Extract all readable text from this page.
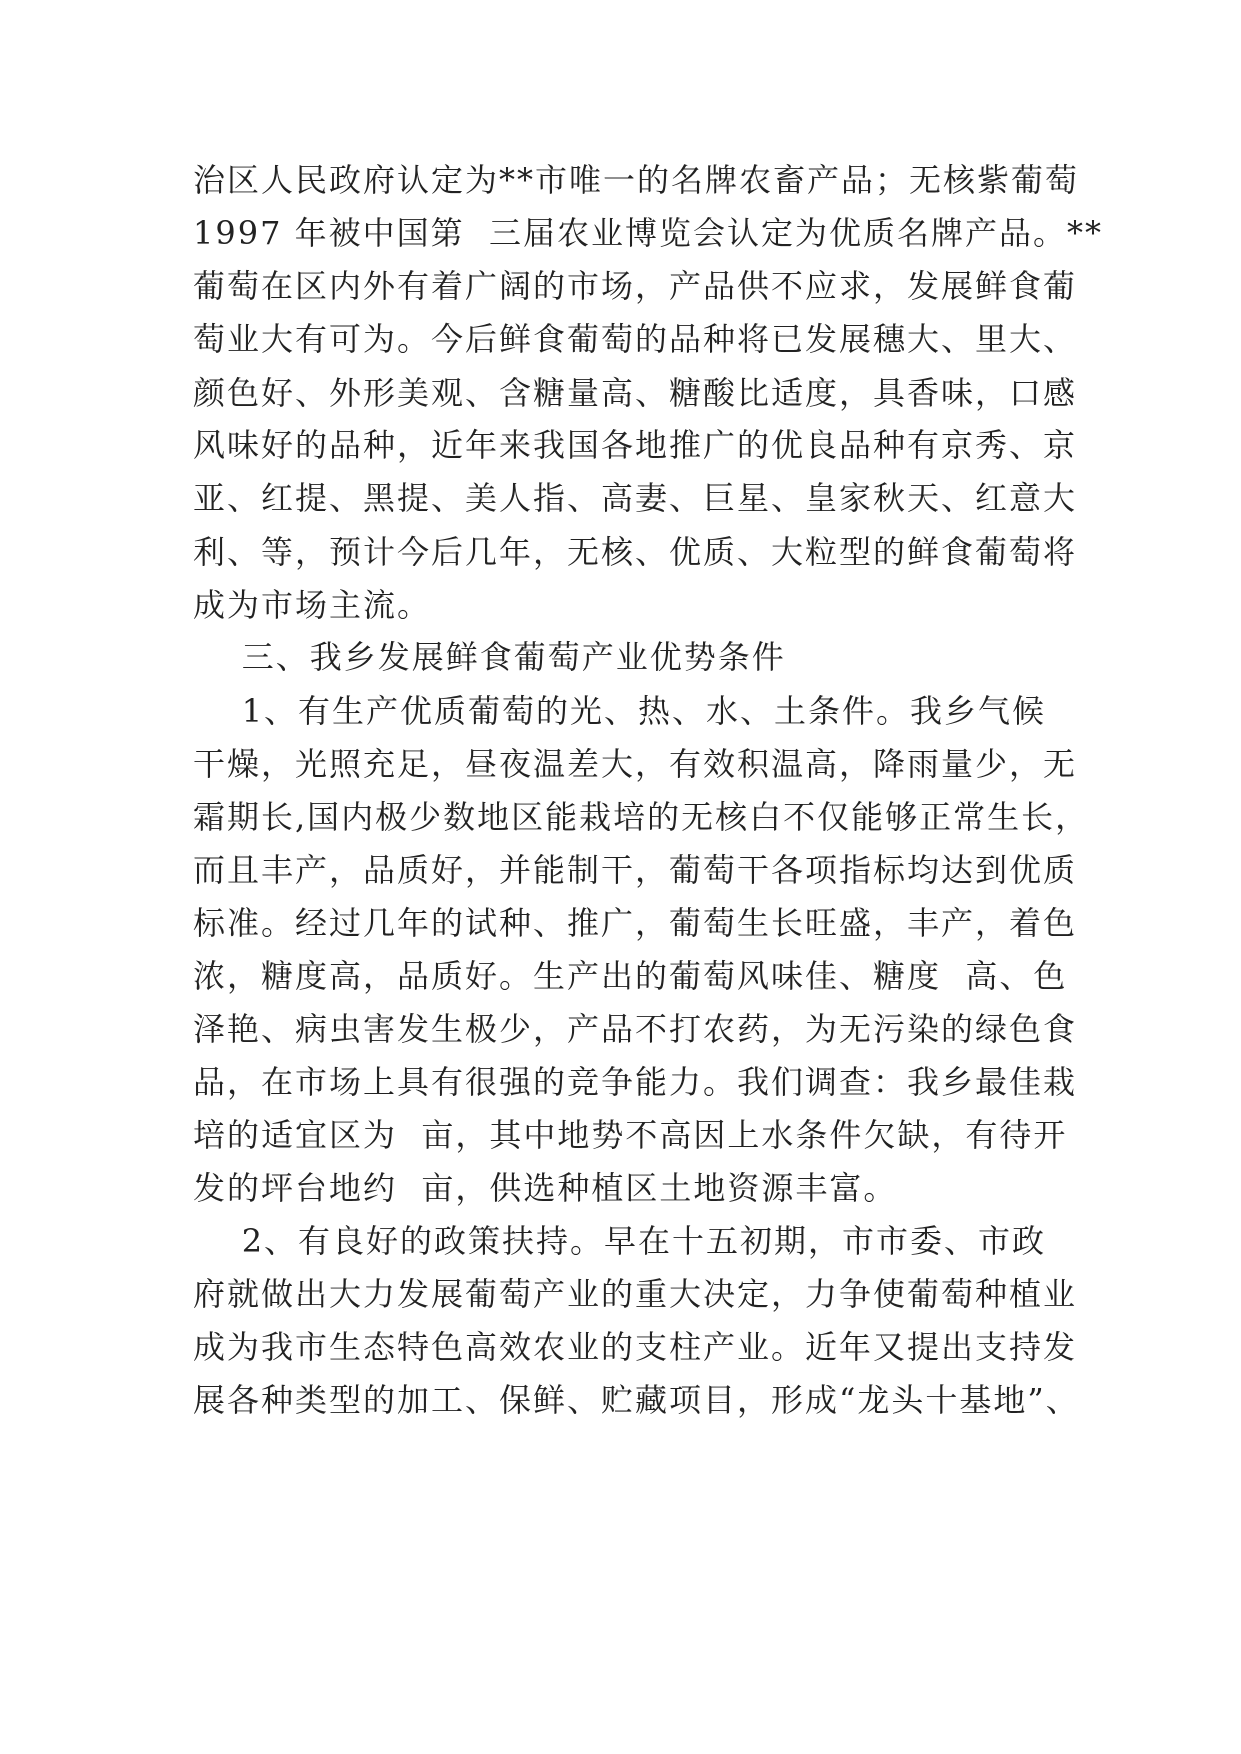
治区人民政府认定为**市唯一的名牌农畜产品；无核紫葡萄
1997 年被中国第  三届农业博览会认定为优质名牌产品。**
葡萄在区内外有着广阔的市场，产品供不应求，发展鲜食葡
萄业大有可为。今后鲜食葡萄的品种将已发展穗大、里大、
颜色好、外形美观、含糖量高、糖酸比适度，具香味，口感
风味好的品种，近年来我国各地推广的优良品种有京秀、京
亚、红提、黑提、美人指、高妻、巨星、皇家秋天、红意大
利、等，预计今后几年，无核、优质、大粒型的鲜食葡萄将
成为市场主流。
三、我乡发展鲜食葡萄产业优势条件
1、有生产优质葡萄的光、热、水、土条件。我乡气候
干燥，光照充足，昼夜温差大，有效积温高，降雨量少，无
霜期长,国内极少数地区能栽培的无核白不仅能够正常生长，
而且丰产，品质好，并能制干，葡萄干各项指标均达到优质
标准。经过几年的试种、推广，葡萄生长旺盛，丰产，着色
浓，糖度高，品质好。生产出的葡萄风味佳、糖度  高、色
泽艳、病虫害发生极少，产品不打农药，为无污染的绿色食
品，在市场上具有很强的竞争能力。我们调查：我乡最佳栽
培的适宜区为  亩，其中地势不高因上水条件欠缺，有待开
发的坪台地约  亩，供选种植区土地资源丰富。
2、有良好的政策扶持。早在十五初期，市市委、市政
府就做出大力发展葡萄产业的重大决定，力争使葡萄种植业
成为我市生态特色高效农业的支柱产业。近年又提出支持发
展各种类型的加工、保鲜、贮藏项目，形成“龙头十基地”、
